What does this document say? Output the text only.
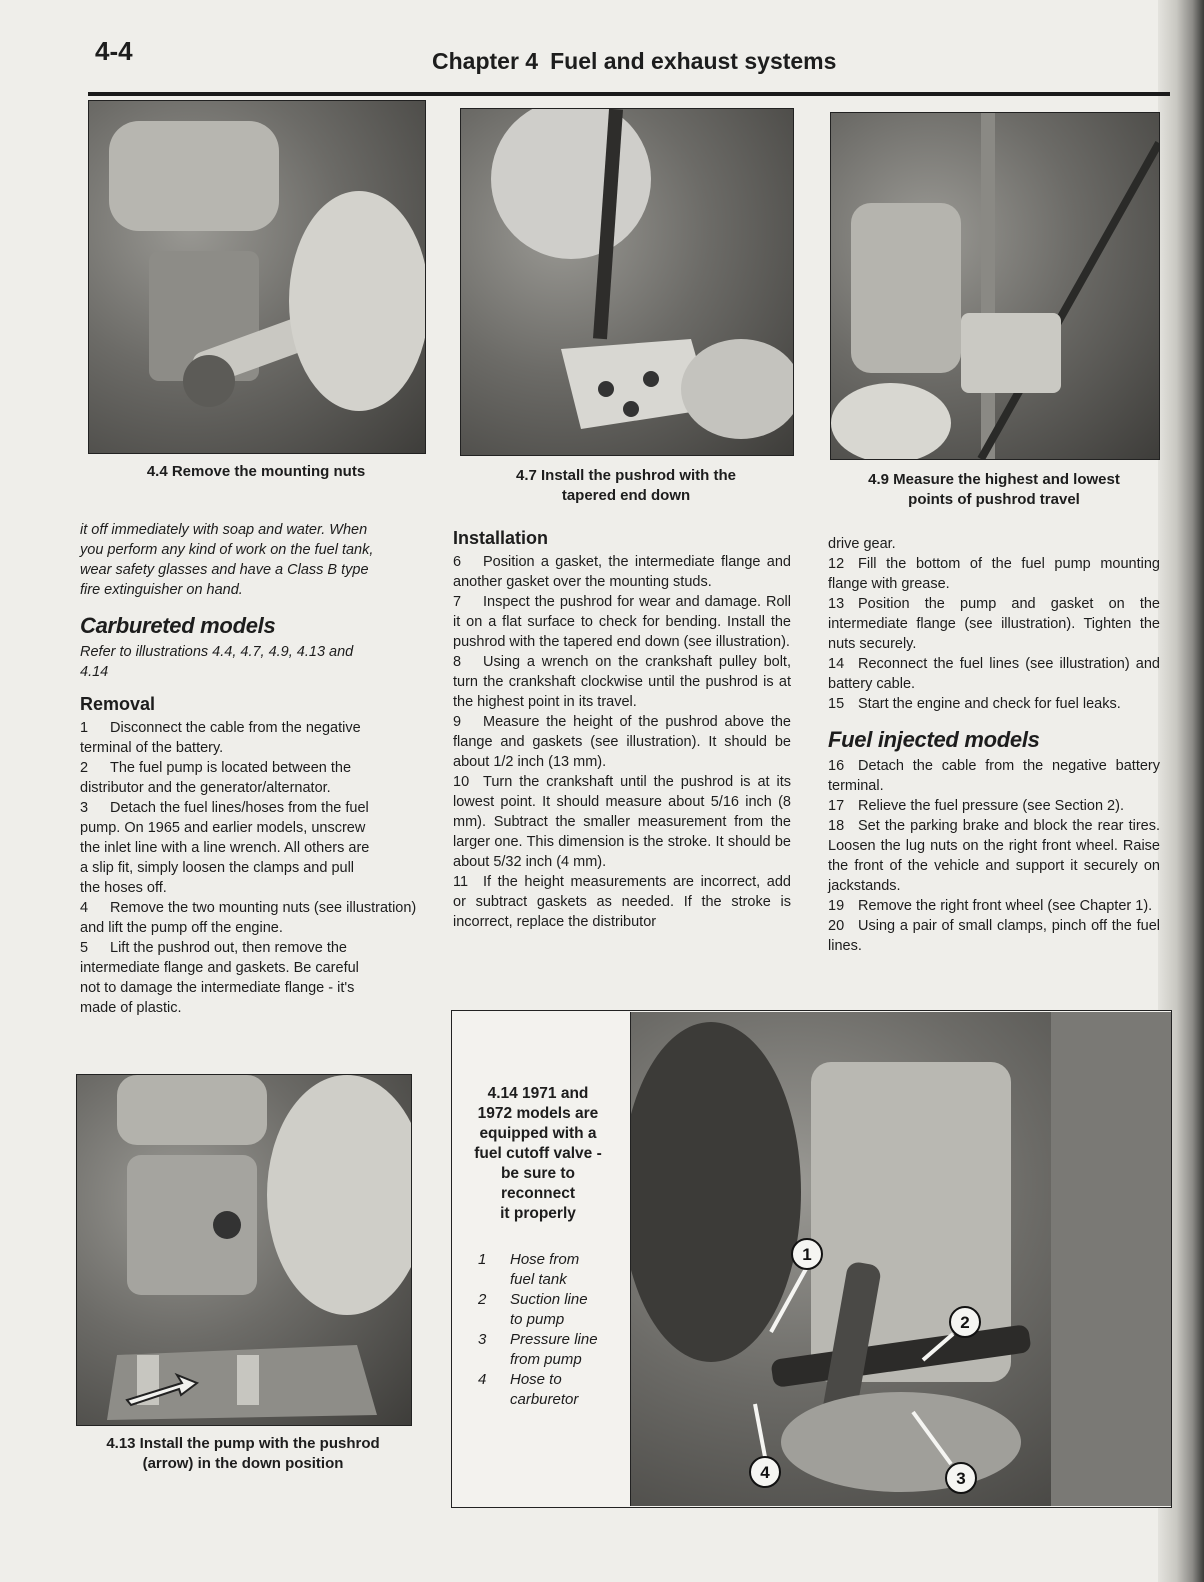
4-4	Chapter 4 Fuel and exhaust systems
4.4 Remove the mounting nuts	4.7 Install the pushrod with the
tapered end down
4.9 Measure the highest and lowest
points of pushrod travel

it off immediately with soap and water. When

you perform any kind of work on the fuel tank,

wear safety glasses and have a Class B type

fire extinguisher on hand.

Carbureted models

Refer to illustrations 4.4, 4.7, 4.9, 4.13 and

4.14

Removal

1 Disconnect the cable from the negative

terminal of the battery.

2 The fuel pump is located between the

distributor and the generator/alternator.

3 Detach the fuel lines/hoses from the fuel

pump. On 1965 and earlier models, unscrew

the inlet line with a line wrench. All others are

a slip fit, simply loosen the clamps and pull

the hoses off.

4 Remove the two mounting nuts (see illustration) and lift the pump off the engine.

5 Lift the pushrod out, then remove the

intermediate flange and gaskets. Be careful

not to damage the intermediate flange - it's

made of plastic.

Installation

6 Position a gasket, the intermediate flange and another gasket over the mounting studs.

7 Inspect the pushrod for wear and damage. Roll it on a flat surface to check for bending. Install the pushrod with the tapered end down (see illustration).

8 Using a wrench on the crankshaft pulley bolt, turn the crankshaft clockwise until the pushrod is at the highest point in its travel.

9 Measure the height of the pushrod above the flange and gaskets (see illustration). It should be about 1/2 inch (13 mm).

10 Turn the crankshaft until the pushrod is at its lowest point. It should measure about 5/16 inch (8 mm). Subtract the smaller measurement from the larger one. This dimension is the stroke. It should be about 5/32 inch (4 mm).

11 If the height measurements are incorrect, add or subtract gaskets as needed. If the stroke is incorrect, replace the distributor

drive gear.

12 Fill the bottom of the fuel pump mounting flange with grease.

13 Position the pump and gasket on the intermediate flange (see illustration). Tighten the nuts securely.

14 Reconnect the fuel lines (see illustration) and battery cable.

15 Start the engine and check for fuel leaks.

Fuel injected models

16 Detach the cable from the negative battery terminal.

17 Relieve the fuel pressure (see Section 2).

18 Set the parking brake and block the rear tires. Loosen the lug nuts on the right front wheel. Raise the front of the vehicle and support it securely on jackstands.

19 Remove the right front wheel (see Chapter 1).

20 Using a pair of small clamps, pinch off the fuel lines.

4.13 Install the pump with the pushrod
(arrow) in the down position
1
2
3
4
4.14 1971 and
1972 models are
equipped with a
fuel cutoff valve -
be sure to
reconnect
it properly
1	Hose from
fuel tank
2	Suction line
to pump
3	Pressure line
from pump
4	Hose to
carburetor
